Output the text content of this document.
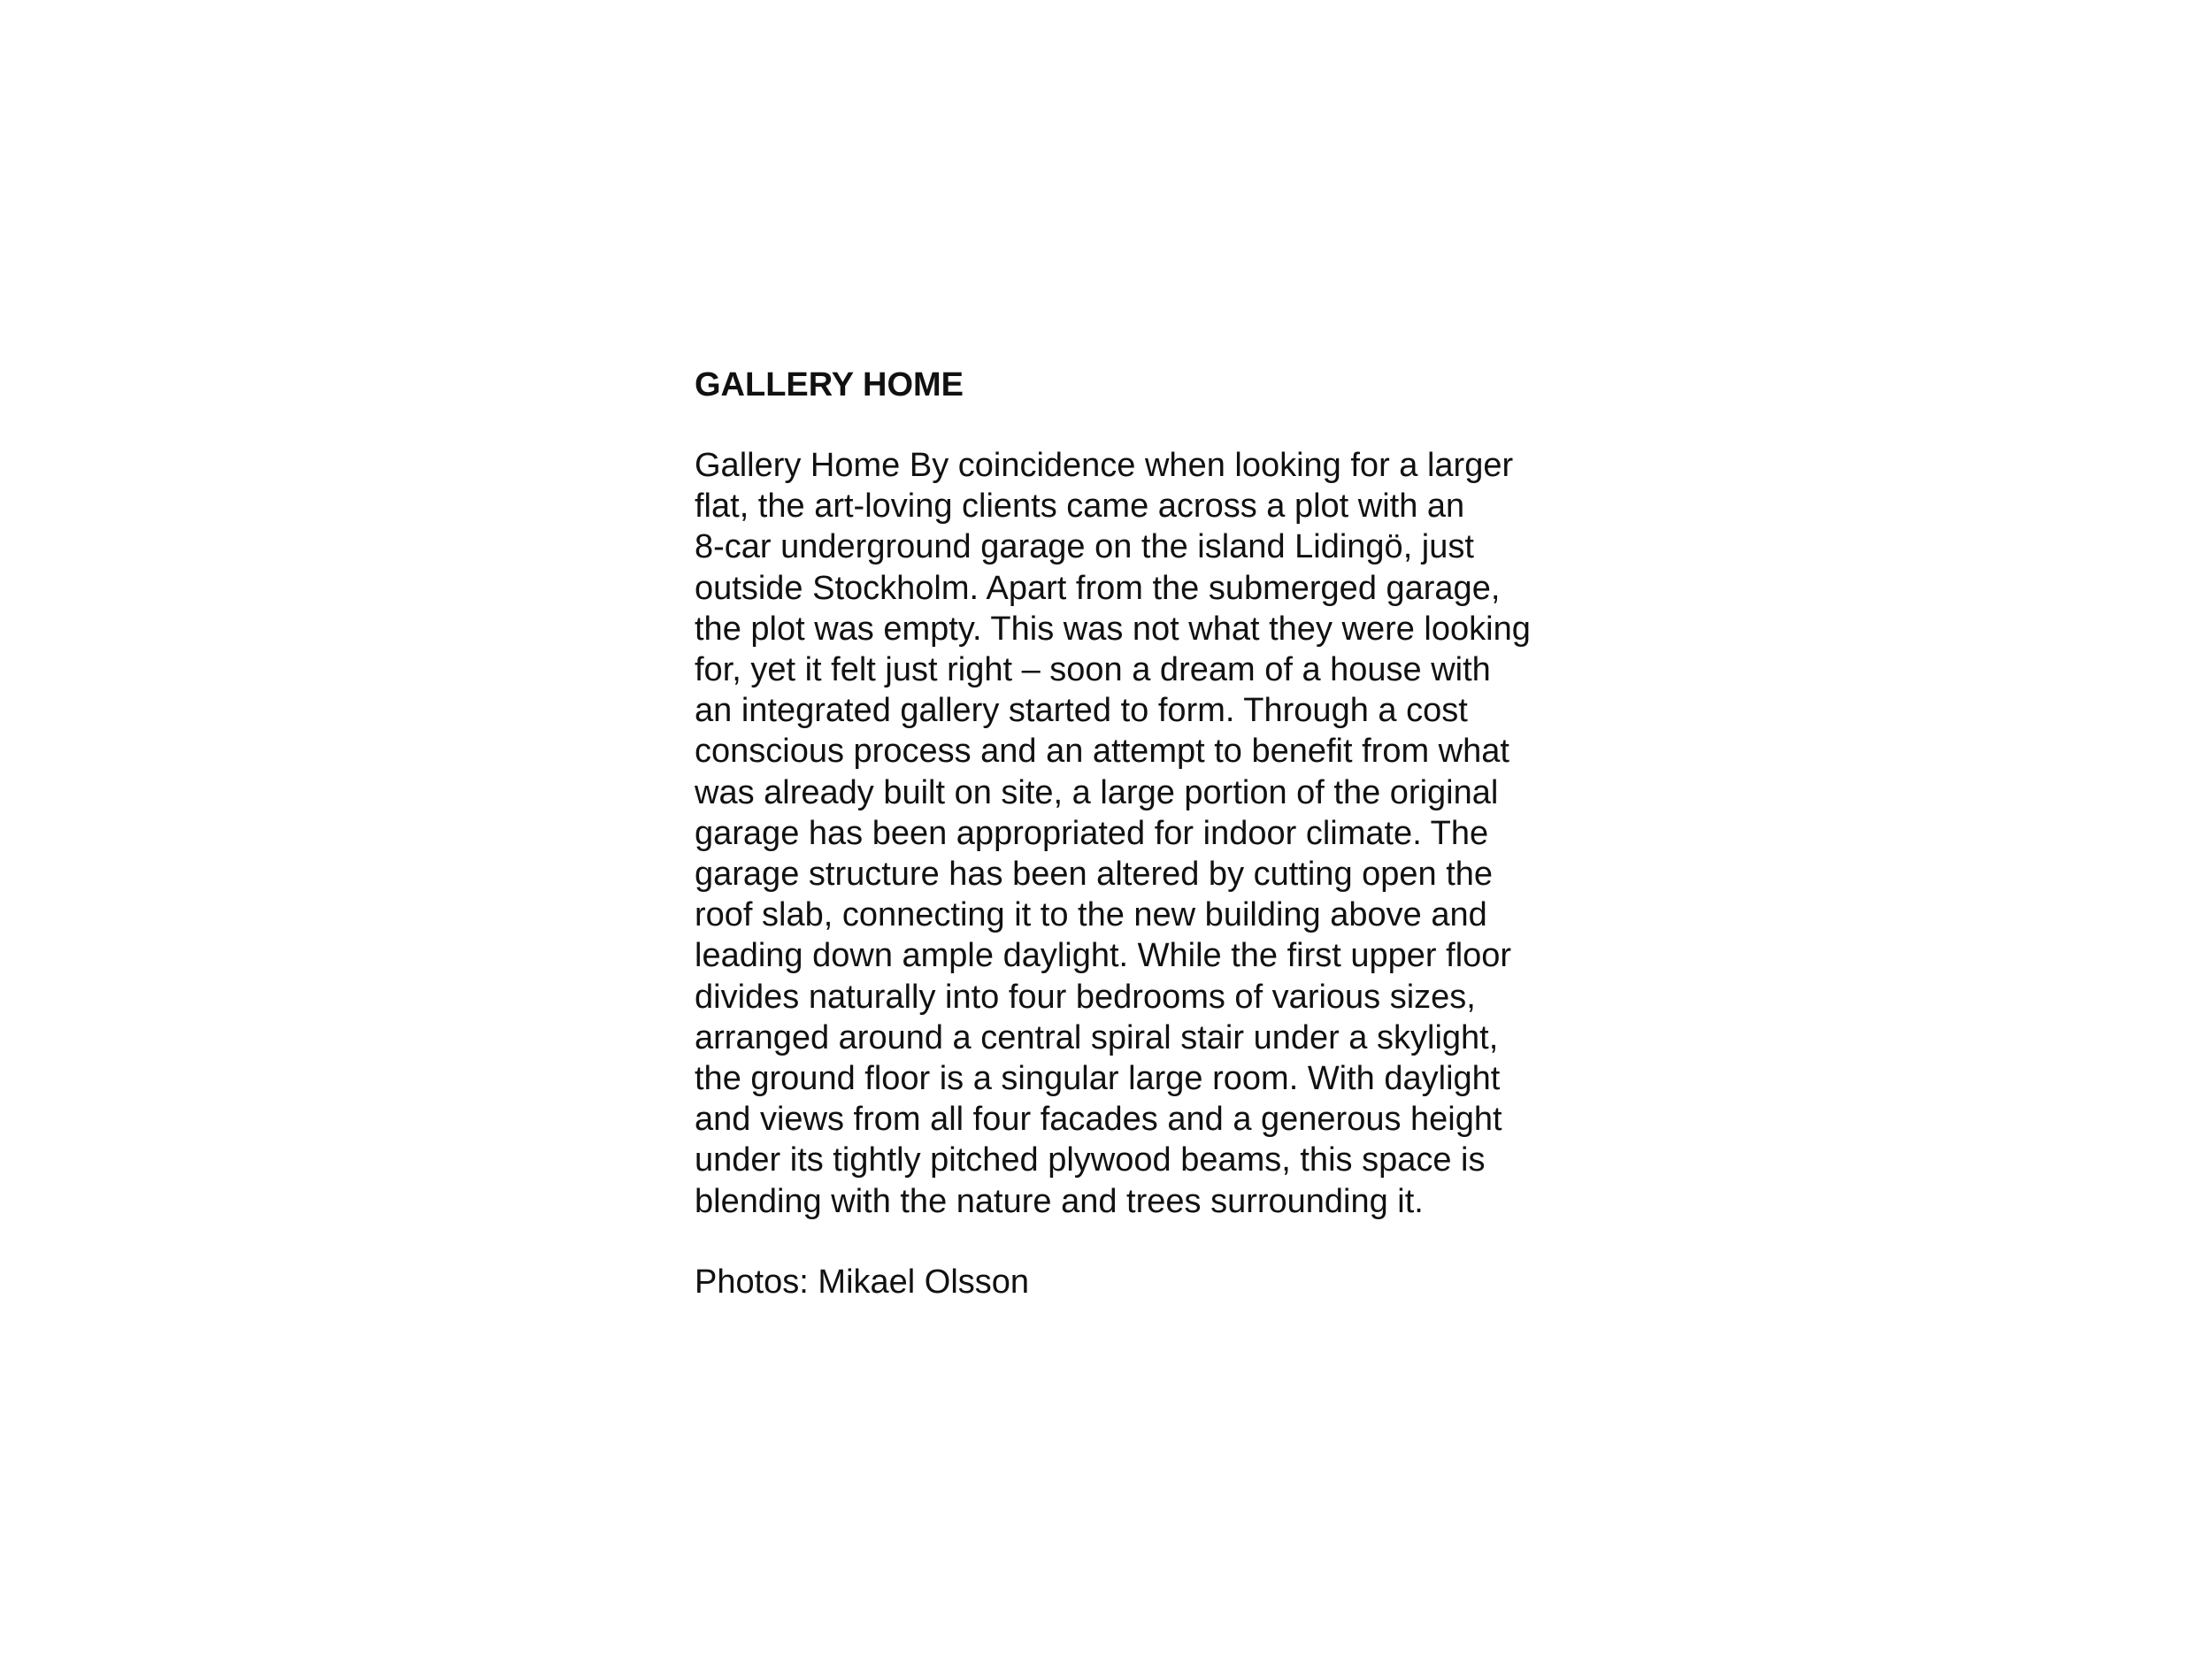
GALLERY HOME

Gallery Home By coincidence when looking for a larger
flat, the art-loving clients came across a plot with an
8-car underground garage on the island Lidingö, just
outside Stockholm. Apart from the submerged garage,
the plot was empty. This was not what they were looking
for, yet it felt just right – soon a dream of a house with
an integrated gallery started to form. Through a cost
conscious process and an attempt to benefit from what
was already built on site, a large portion of the original
garage has been appropriated for indoor climate. The
garage structure has been altered by cutting open the
roof slab, connecting it to the new building above and
leading down ample daylight. While the first upper floor
divides naturally into four bedrooms of various sizes,
arranged around a central spiral stair under a skylight,
the ground floor is a singular large room. With daylight
and views from all four facades and a generous height
under its tightly pitched plywood beams, this space is
blending with the nature and trees surrounding it.

Photos: Mikael Olsson
